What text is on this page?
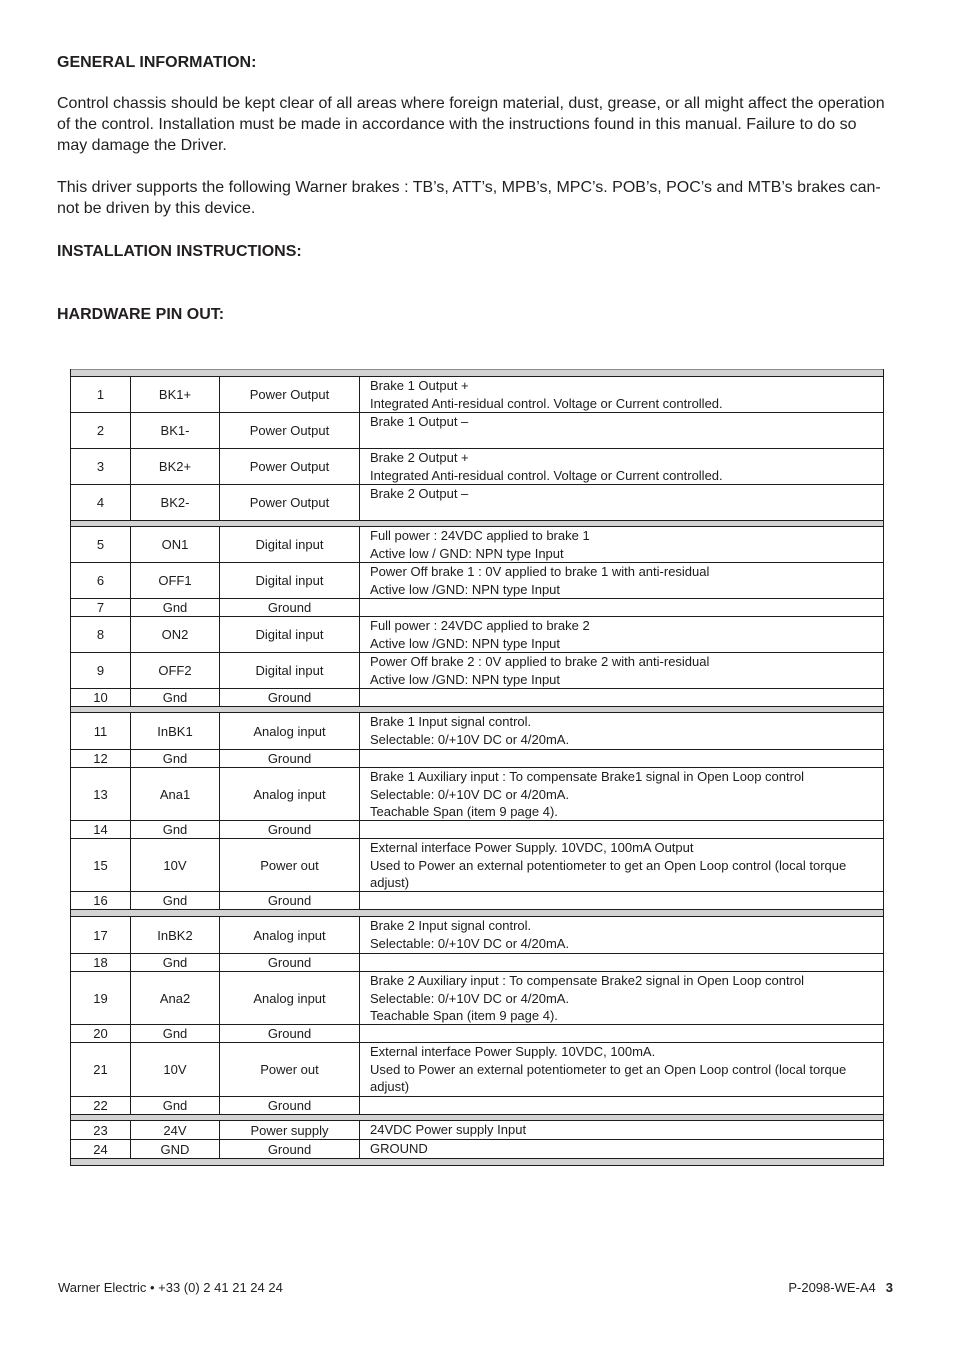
GENERAL INFORMATION:
Control chassis should be kept clear of all areas where foreign material, dust, grease, or all might affect the operation
of the control. Installation must be made in accordance with the instructions found in this manual. Failure to do so
may damage the Driver.
This driver supports the following Warner brakes : TB’s, ATT’s, MPB’s, MPC’s. POB’s, POC’s and MTB’s brakes can-
not be driven by this device.
INSTALLATION INSTRUCTIONS:
HARDWARE PIN OUT:
1	BK1+	Power Output
Brake 1 Output +
Integrated Anti-residual control. Voltage or Current controlled.
2	BK1-	Power Output
Brake 1 Output –
3	BK2+	Power Output
Brake 2 Output +
Integrated Anti-residual control. Voltage or Current controlled.
4	BK2-	Power Output
Brake 2 Output –
5	ON1	Digital input
Full power : 24VDC applied to brake 1
Active low / GND: NPN type Input
6	OFF1	Digital input
Power Off brake 1 : 0V applied to brake 1 with anti-residual
Active low /GND: NPN type Input
7	Gnd	Ground
8	ON2	Digital input
Full power : 24VDC applied to brake 2
Active low /GND: NPN type Input
9	OFF2	Digital input
Power Off brake 2 : 0V applied to brake 2 with anti-residual
Active low /GND: NPN type Input
10	Gnd	Ground
11	InBK1	Analog input
Brake 1 Input signal control.
Selectable: 0/+10V DC or 4/20mA.
12	Gnd	Ground
13	Ana1	Analog input
Brake 1 Auxiliary input : To compensate Brake1 signal in Open Loop control
Selectable: 0/+10V DC or 4/20mA.
Teachable Span (item 9 page 4).
14	Gnd	Ground
15	10V	Power out
External interface Power Supply. 10VDC, 100mA Output
Used to Power an external potentiometer to get an Open Loop control (local torque adjust)
16	Gnd	Ground
17	InBK2	Analog input
Brake 2 Input signal control.
Selectable: 0/+10V DC or 4/20mA.
18	Gnd	Ground
19	Ana2	Analog input
Brake 2 Auxiliary input : To compensate Brake2 signal in Open Loop control
Selectable: 0/+10V DC or 4/20mA.
Teachable Span (item 9 page 4).
20	Gnd	Ground
21	10V	Power out
External interface Power Supply. 10VDC, 100mA.
Used to Power an external potentiometer to get an Open Loop control (local torque adjust)
22	Gnd	Ground
23	24V	Power supply	24VDC Power supply Input
24	GND	Ground	GROUND
Warner Electric • +33 (0) 2 41 21 24 24	P-2098-WE-A4 3
